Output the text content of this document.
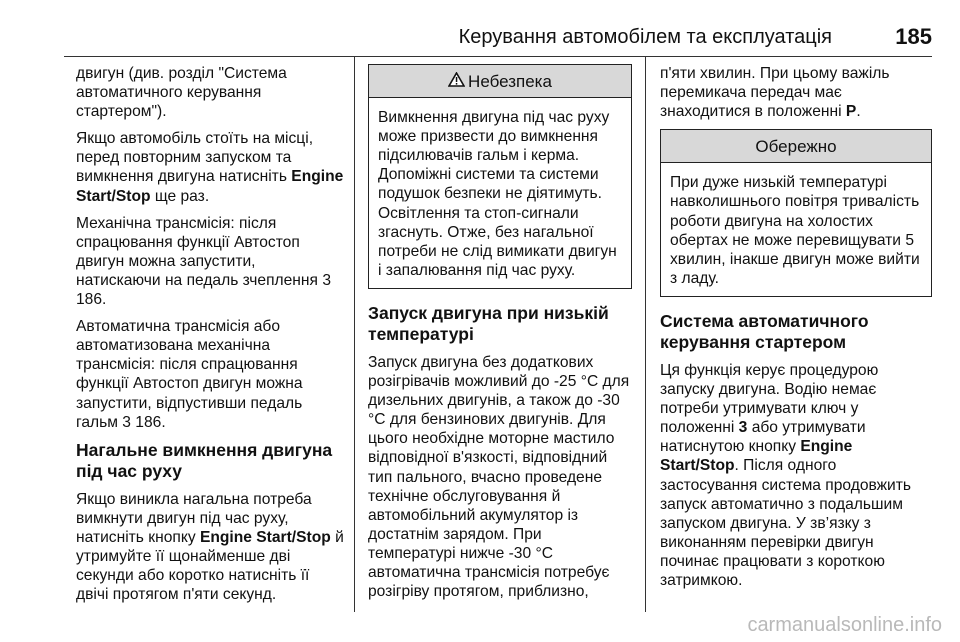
Керування автомобілем та експлуатація	185

двигун (див. розділ "Система автоматичного керування стартером").

Якщо автомобіль стоїть на місці, перед повторним запуском та вимкнення двигуна натисніть Engine Start/Stop ще раз.

Механічна трансмісія: після спрацювання функції Автостоп двигун можна запустити, натискаючи на педаль зчеплення 3 186.

Автоматична трансмісія або автоматизована механічна трансмісія: після спрацювання функції Автостоп двигун можна запустити, відпустивши педаль гальм 3 186.

Нагальне вимкнення двигуна під час руху

Якщо виникла нагальна потреба вимкнути двигун під час руху, натисніть кнопку Engine Start/Stop й утримуйте її щонайменше дві секунди або коротко натисніть її двічі протягом п'яти секунд.

Небезпека
Вимкнення двигуна під час руху може призвести до вимкнення підсилювачів гальм і керма. Допоміжні системи та системи подушок безпеки не діятимуть. Освітлення та стоп-сигнали згаснуть. Отже, без нагальної потреби не слід вимикати двигун і запалювання під час руху.
Запуск двигуна при низькій температурі

Запуск двигуна без додаткових розігрівачів можливий до -25 °C для дизельних двигунів, а також до -30 °C для бензинових двигунів. Для цього необхідне моторне мастило відповідної в'язкості, відповідний тип пального, вчасно проведене технічне обслуговування й автомобільний акумулятор із достатнім зарядом. При температурі нижче -30 °C автоматична трансмісія потребує розігріву протягом, приблизно,

п'яти хвилин. При цьому важіль перемикача передач має знаходитися в положенні P.

Обережно
При дуже низькій температурі навколишнього повітря тривалість роботи двигуна на холостих обертах не може перевищувати 5 хвилин, інакше двигун може вийти з ладу.
Система автоматичного керування стартером

Ця функція керує процедурою запуску двигуна. Водію немає потреби утримувати ключ у положенні 3 або утримувати натиснутою кнопку Engine Start/Stop. Після одного застосування система продовжить запуск автоматично з подальшим запуском двигуна. У зв’язку з виконанням перевірки двигун починає працювати з короткою затримкою.

carmanualsonline.info
